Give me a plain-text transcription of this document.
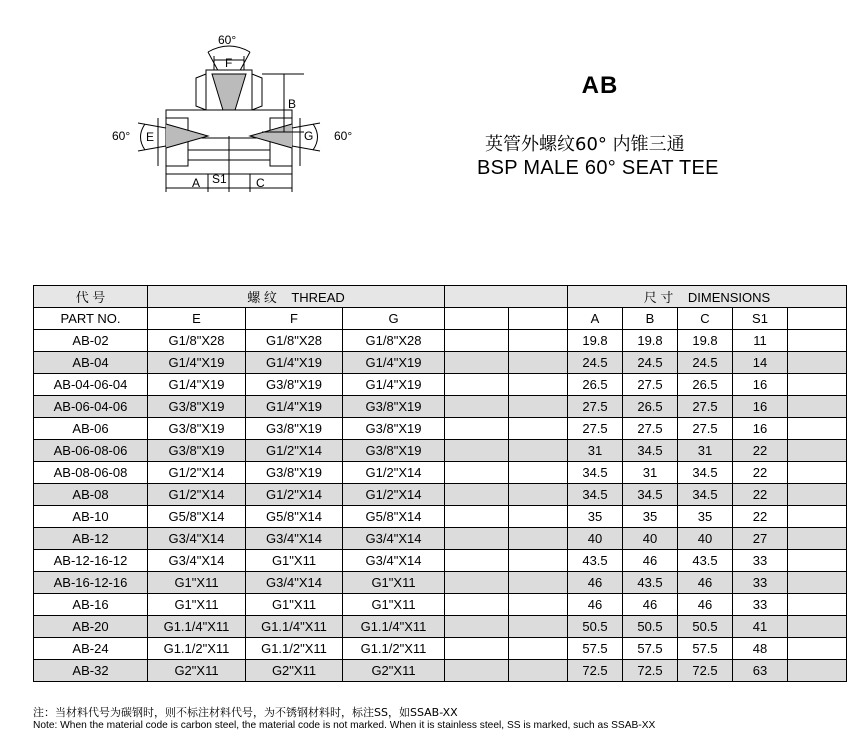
60°
F
B
60° E	G 60°
A S1 C
AB
英管外螺纹60° 内锥三通
BSP MALE 60° SEAT TEE
代 号	螺 纹 THREAD					尺 寸 DIMENSIONS				
PART NO.	E	F	G			A	B	C	S1	
AB-02	G1/8"X28	G1/8"X28	G1/8"X28			19.8	19.8	19.8	11	
AB-04	G1/4"X19	G1/4"X19	G1/4"X19			24.5	24.5	24.5	14	
AB-04-06-04	G1/4"X19	G3/8"X19	G1/4"X19			26.5	27.5	26.5	16	
AB-06-04-06	G3/8"X19	G1/4"X19	G3/8"X19			27.5	26.5	27.5	16	
AB-06	G3/8"X19	G3/8"X19	G3/8"X19			27.5	27.5	27.5	16	
AB-06-08-06	G3/8"X19	G1/2"X14	G3/8"X19			31	34.5	31	22	
AB-08-06-08	G1/2"X14	G3/8"X19	G1/2"X14			34.5	31	34.5	22	
AB-08	G1/2"X14	G1/2"X14	G1/2"X14			34.5	34.5	34.5	22	
AB-10	G5/8"X14	G5/8"X14	G5/8"X14			35	35	35	22	
AB-12	G3/4"X14	G3/4"X14	G3/4"X14			40	40	40	27	
AB-12-16-12	G3/4"X14	G1"X11	G3/4"X14			43.5	46	43.5	33	
AB-16-12-16	G1"X11	G3/4"X14	G1"X11			46	43.5	46	33	
AB-16	G1"X11	G1"X11	G1"X11			46	46	46	33	
AB-20	G1.1/4"X11	G1.1/4"X11	G1.1/4"X11			50.5	50.5	50.5	41	
AB-24	G1.1/2"X11	G1.1/2"X11	G1.1/2"X11			57.5	57.5	57.5	48	
AB-32	G2"X11	G2"X11	G2"X11			72.5	72.5	72.5	63	
注：当材料代号为碳钢时，则不标注材料代号，为不锈钢材料时，标注SS，如SSAB-XX
Note: When the material code is carbon steel, the material code is not marked. When it is stainless steel, SS is marked, such as SSAB-XX
